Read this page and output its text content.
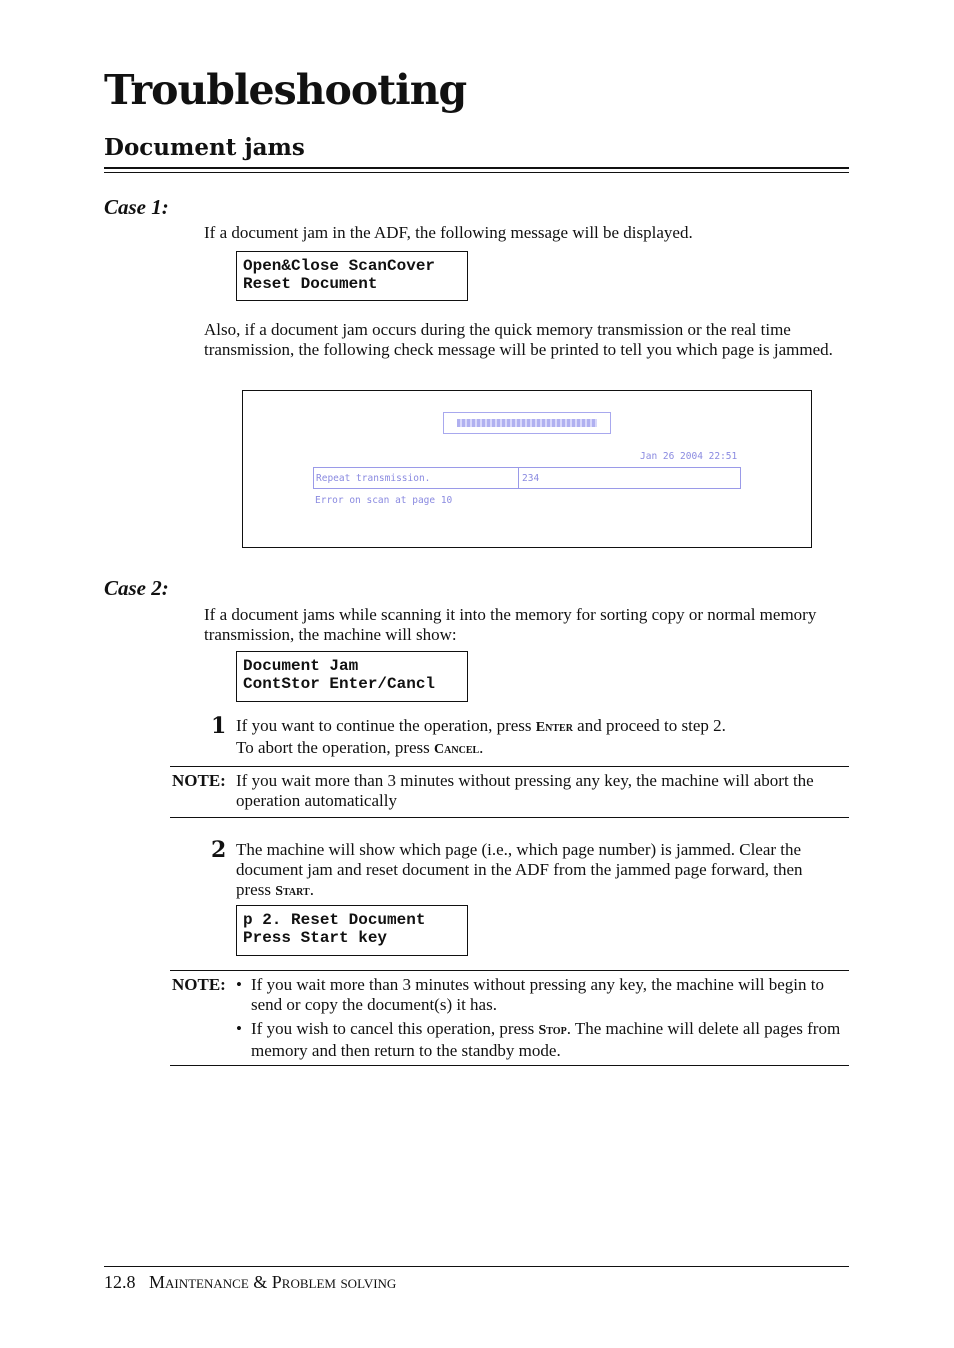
Troubleshooting
Document jams
Case 1:

If a document jam in the ADF, the following message will be displayed.

Open&Close ScanCover
Reset Document

Also, if a document jam occurs during the quick memory transmission or the real time transmission, the following check message will be printed to tell you which page is jammed.

Jan 26 2004 22:51
Repeat transmission.	234
Error on scan at page 10
Case 2:

If a document jams while scanning it into the memory for sorting copy or normal memory transmission, the machine will show:

Document Jam
ContStor Enter/Cancl
1 If you want to continue the operation, press Enter and proceed to step 2.
To abort the operation, press Cancel.

NOTE: If you wait more than 3 minutes without pressing any key, the machine will abort the operation automatically
2 The machine will show which page (i.e., which page number) is jammed. Clear the document jam and reset document in the ADF from the jammed page forward, then press Start.

p 2. Reset Document
Press Start key
NOTE: • If you wait more than 3 minutes without pressing any key, the machine will begin to send or copy the document(s) it has.
• If you wish to cancel this operation, press Stop. The machine will delete all pages from memory and then return to the standby mode.
12.8 Maintenance & Problem solving
